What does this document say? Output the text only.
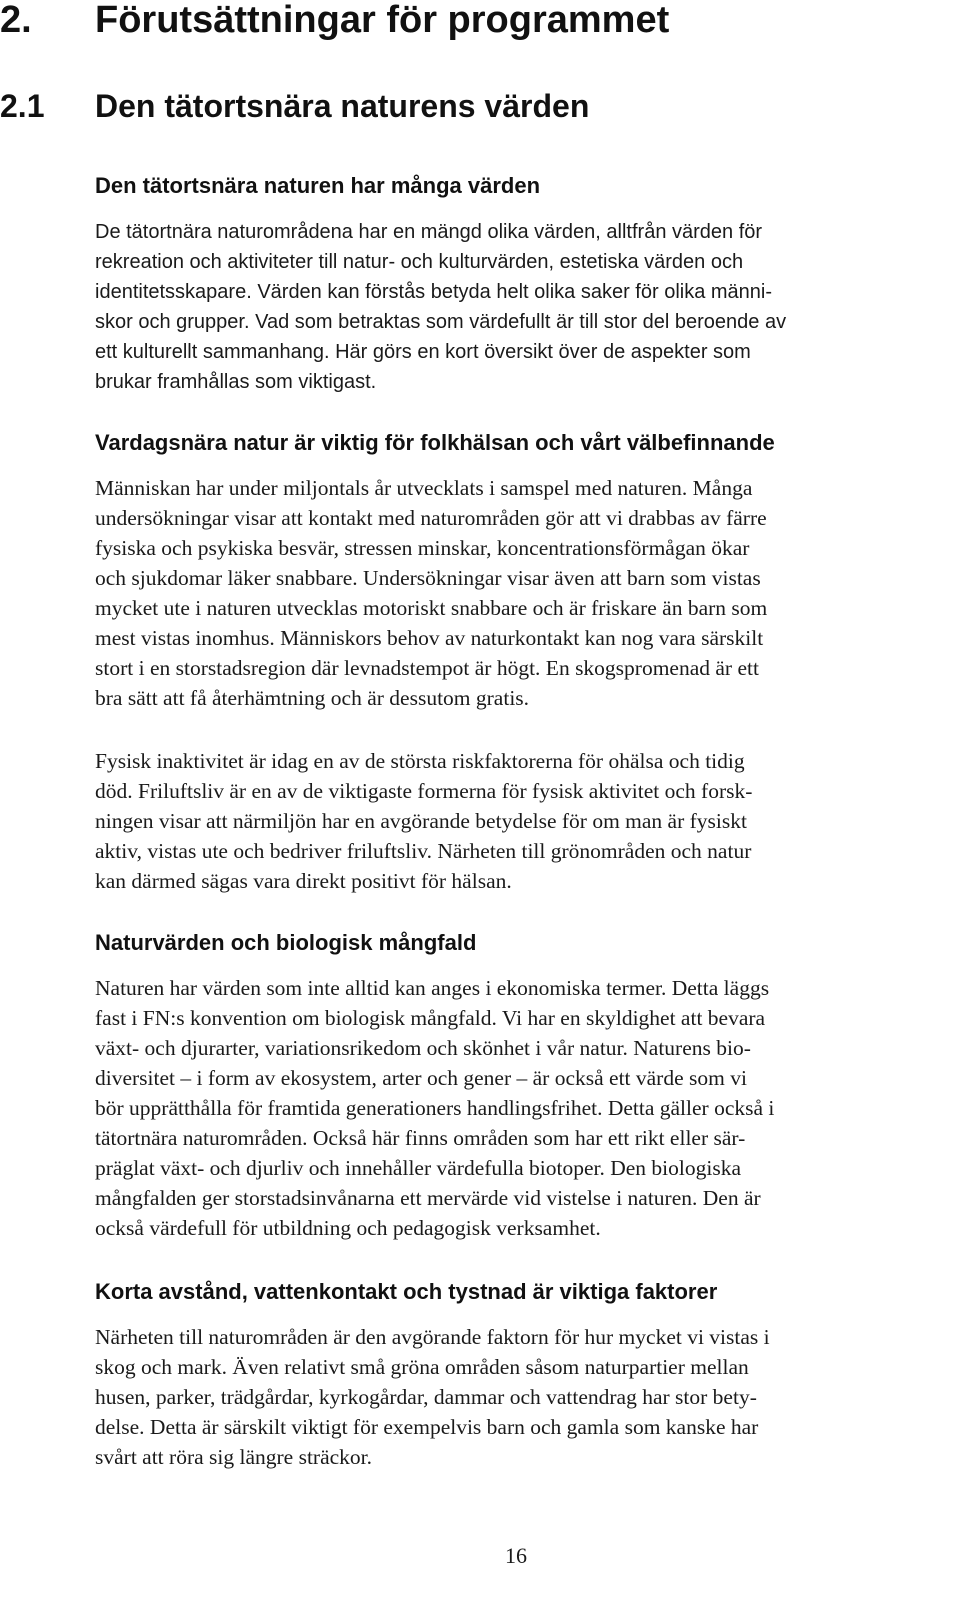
2. Förutsättningar för programmet
2.1 Den tätortsnära naturens värden
Den tätortsnära naturen har många värden
De tätortnära naturområdena har en mängd olika värden, alltfrån värden för
rekreation och aktiviteter till natur- och kulturvärden, estetiska värden och
identitetsskapare. Värden kan förstås betyda helt olika saker för olika männi-
skor och grupper. Vad som betraktas som värdefullt är till stor del beroende av
ett kulturellt sammanhang. Här görs en kort översikt över de aspekter som
brukar framhållas som viktigast.
Vardagsnära natur är viktig för folkhälsan och vårt välbefinnande
Människan har under miljontals år utvecklats i samspel med naturen. Många
undersökningar visar att kontakt med naturområden gör att vi drabbas av färre
fysiska och psykiska besvär, stressen minskar, koncentrationsförmågan ökar
och sjukdomar läker snabbare. Undersökningar visar även att barn som vistas
mycket ute i naturen utvecklas motoriskt snabbare och är friskare än barn som
mest vistas inomhus. Människors behov av naturkontakt kan nog vara särskilt
stort i en storstadsregion där levnadstempot är högt. En skogspromenad är ett
bra sätt att få återhämtning och är dessutom gratis.
Fysisk inaktivitet är idag en av de största riskfaktorerna för ohälsa och tidig
död. Friluftsliv är en av de viktigaste formerna för fysisk aktivitet och forsk-
ningen visar att närmiljön har en avgörande betydelse för om man är fysiskt
aktiv, vistas ute och bedriver friluftsliv. Närheten till grönområden och natur
kan därmed sägas vara direkt positivt för hälsan.
Naturvärden och biologisk mångfald
Naturen har värden som inte alltid kan anges i ekonomiska termer. Detta läggs
fast i FN:s konvention om biologisk mångfald. Vi har en skyldighet att bevara
växt- och djurarter, variationsrikedom och skönhet i vår natur. Naturens bio-
diversitet – i form av ekosystem, arter och gener – är också ett värde som vi
bör upprätthålla för framtida generationers handlingsfrihet. Detta gäller också i
tätortnära naturområden. Också här finns områden som har ett rikt eller sär-
präglat växt- och djurliv och innehåller värdefulla biotoper. Den biologiska
mångfalden ger storstadsinvånarna ett mervärde vid vistelse i naturen. Den är
också värdefull för utbildning och pedagogisk verksamhet.
Korta avstånd, vattenkontakt och tystnad är viktiga faktorer
Närheten till naturområden är den avgörande faktorn för hur mycket vi vistas i
skog och mark. Även relativt små gröna områden såsom naturpartier mellan
husen, parker, trädgårdar, kyrkogårdar, dammar och vattendrag har stor bety-
delse. Detta är särskilt viktigt för exempelvis barn och gamla som kanske har
svårt att röra sig längre sträckor.
16
